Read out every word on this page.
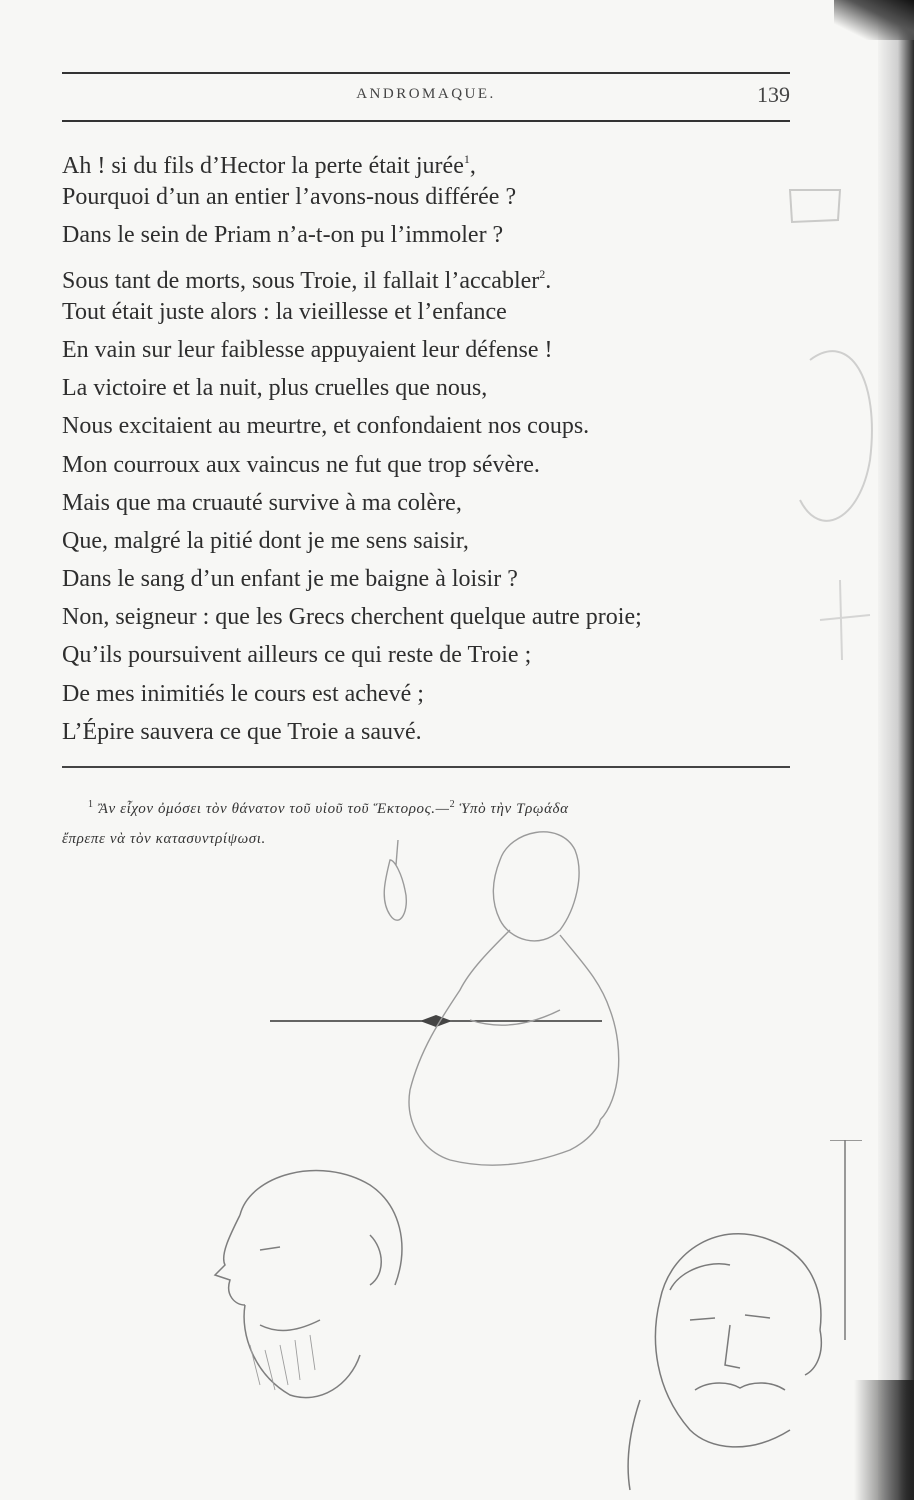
ANDROMAQUE.	139
Ah ! si du fils d’Hector la perte était jurée$^1$,
Pourquoi d’un an entier l’avons-nous différée ?
Dans le sein de Priam n’a-t-on pu l’immoler ?
Sous tant de morts, sous Troie, il fallait l’accabler$^2$.
Tout était juste alors : la vieillesse et l’enfance
En vain sur leur faiblesse appuyaient leur défense !
La victoire et la nuit, plus cruelles que nous,
Nous excitaient au meurtre, et confondaient nos coups.
Mon courroux aux vaincus ne fut que trop sévère.
Mais que ma cruauté survive à ma colère,
Que, malgré la pitié dont je me sens saisir,
Dans le sang d’un enfant je me baigne à loisir ?
Non, seigneur : que les Grecs cherchent quelque autre proie;
Qu’ils poursuivent ailleurs ce qui reste de Troie ;
De mes inimitiés le cours est achevé ;
L’Épire sauvera ce que Troie a sauvé.
$^1$ Ἂν εἶχον ὀμόσει τὸν θάνατον τοῦ υἱοῦ τοῦ Ἕκτορος.—$^2$ Ὑπὸ τὴν Τρῳάδα
ἔπρεπε νὰ τὸν κατασυντρίψωσι.
